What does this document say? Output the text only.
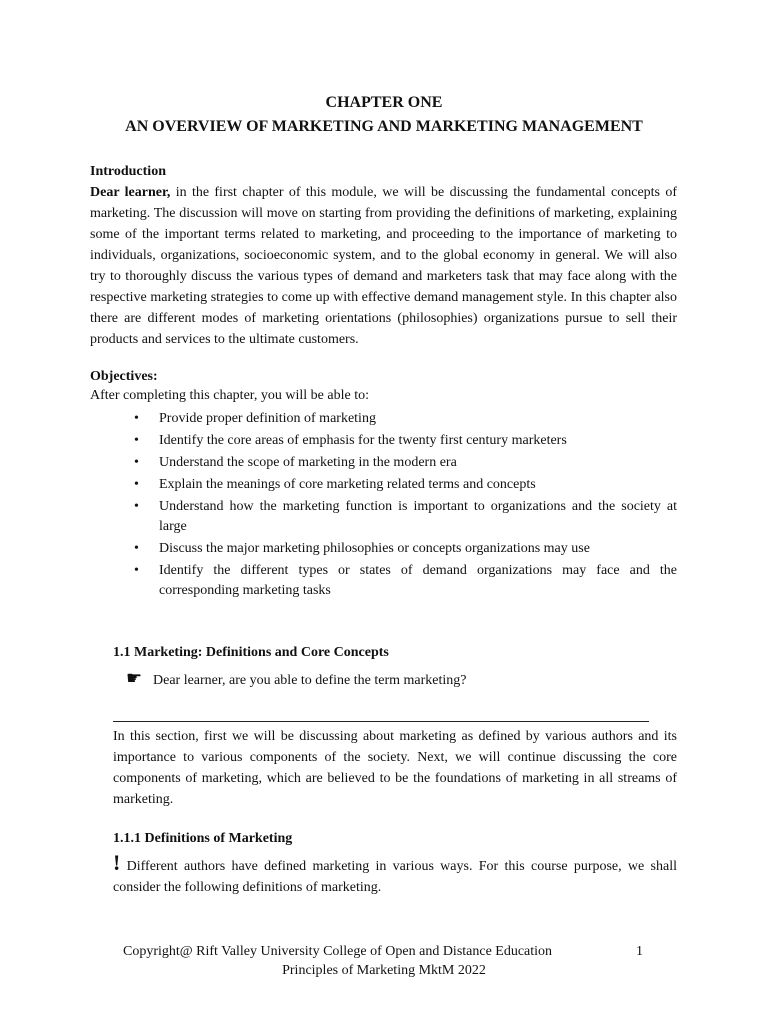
CHAPTER ONE
AN OVERVIEW OF MARKETING AND MARKETING MANAGEMENT
Introduction

Dear learner, in the first chapter of this module, we will be discussing the fundamental concepts of marketing. The discussion will move on starting from providing the definitions of marketing, explaining some of the important terms related to marketing, and proceeding to the importance of marketing to individuals, organizations, socioeconomic system, and to the global economy in general. We will also try to thoroughly discuss the various types of demand and marketers task that may face along with the respective marketing strategies to come up with effective demand management style. In this chapter also there are different modes of marketing orientations (philosophies) organizations pursue to sell their products and services to the ultimate customers.

Objectives:
After completing this chapter, you will be able to:
• Provide proper definition of marketing
• Identify the core areas of emphasis for the twenty first century marketers
• Understand the scope of marketing in the modern era
• Explain the meanings of core marketing related terms and concepts
• Understand how the marketing function is important to organizations and the society at large
• Discuss the major marketing philosophies or concepts organizations may use
• Identify the different types or states of demand organizations may face and the corresponding marketing tasks
1.1 Marketing: Definitions and Core Concepts
☛ Dear learner, are you able to define the term marketing?

In this section, first we will be discussing about marketing as defined by various authors and its importance to various components of the society. Next, we will continue discussing the core components of marketing, which are believed to be the foundations of marketing in all streams of marketing.

1.1.1 Definitions of Marketing

! Different authors have defined marketing in various ways. For this course purpose, we shall consider the following definitions of marketing.

Copyright@ Rift Valley University College of Open and Distance Education	1
Principles of Marketing MktM 2022
